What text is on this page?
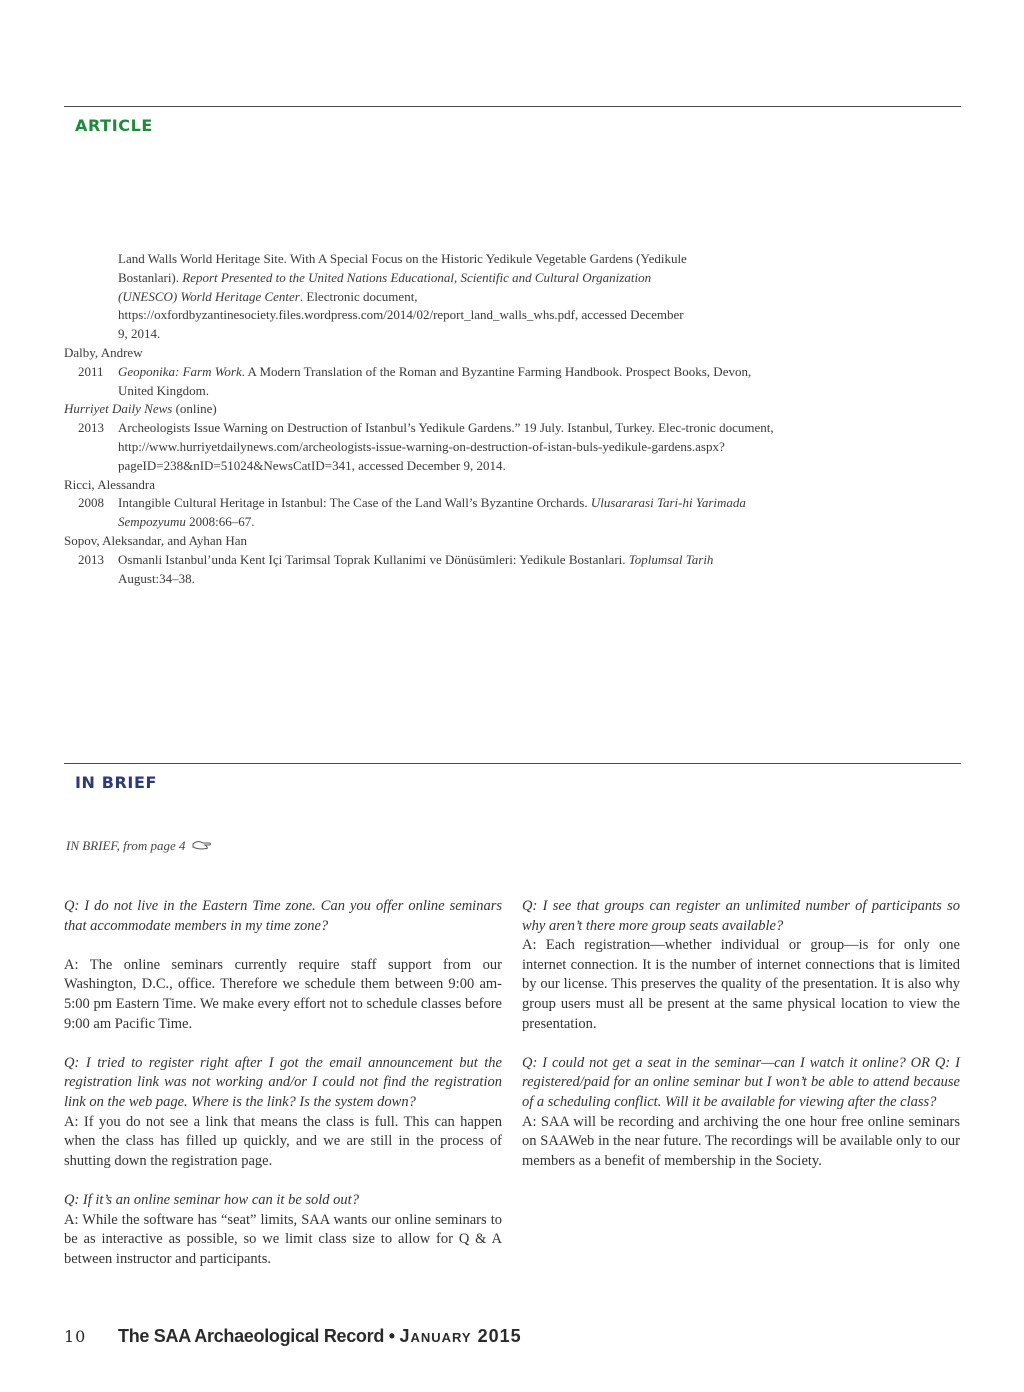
ARTICLE
Land Walls World Heritage Site. With A Special Focus on the Historic Yedikule Vegetable Gardens (Yedikule
Bostanlari). Report Presented to the United Nations Educational, Scientific and Cultural Organization
(UNESCO) World Heritage Center. Electronic document,
https://oxfordbyzantinesociety.files.wordpress.com/2014/02/report_land_walls_whs.pdf, accessed December
9, 2014.
Dalby, Andrew
2011	Geoponika: Farm Work. A Modern Translation of the Roman and Byzantine Farming Handbook. Prospect Books, Devon, United Kingdom.
Hurriyet Daily News (online)
2013	Archeologists Issue Warning on Destruction of Istanbul’s Yedikule Gardens.” 19 July. Istanbul, Turkey. Elec-tronic document, http://www.hurriyetdailynews.com/archeologists-issue-warning-on-destruction-of-istan-buls-yedikule-gardens.aspx?pageID=238&nID=51024&NewsCatID=341, accessed December 9, 2014.
Ricci, Alessandra
2008	Intangible Cultural Heritage in Istanbul: The Case of the Land Wall’s Byzantine Orchards. Ulusararasi Tari-hi Yarimada Sempozyumu 2008:66–67.
Sopov, Aleksandar, and Ayhan Han
2013	Osmanli Istanbul’unda Kent Içi Tarimsal Toprak Kullanimi ve Dönüsümleri: Yedikule Bostanlari. Toplumsal Tarih August:34–38.
IN BRIEF
IN BRIEF, from page 4
Q: I do not live in the Eastern Time zone. Can you offer online seminars that accommodate members in my time zone?
A: The online seminars currently require staff support from our Washington, D.C., office. Therefore we schedule them between 9:00 am-5:00 pm Eastern Time. We make every effort not to schedule classes before 9:00 am Pacific Time.
Q: I tried to register right after I got the email announcement but the registration link was not working and/or I could not find the registration link on the web page. Where is the link? Is the system down?
A: If you do not see a link that means the class is full. This can happen when the class has filled up quickly, and we are still in the process of shutting down the registration page.
Q: If it’s an online seminar how can it be sold out?
A: While the software has “seat” limits, SAA wants our online seminars to be as interactive as possible, so we limit class size to allow for Q & A between instructor and participants.
Q: I see that groups can register an unlimited number of participants so why aren’t there more group seats available?
A: Each registration—whether individual or group—is for only one internet connection. It is the number of internet connections that is limited by our license. This preserves the quality of the presentation. It is also why group users must all be present at the same physical location to view the presentation.
Q: I could not get a seat in the seminar—can I watch it online? OR Q: I registered/paid for an online seminar but I won’t be able to attend because of a scheduling conflict. Will it be available for viewing after the class?
A: SAA will be recording and archiving the one hour free online seminars on SAAWeb in the near future. The recordings will be available only to our members as a benefit of membership in the Society.
10 The SAA Archaeological Record • January 2015
